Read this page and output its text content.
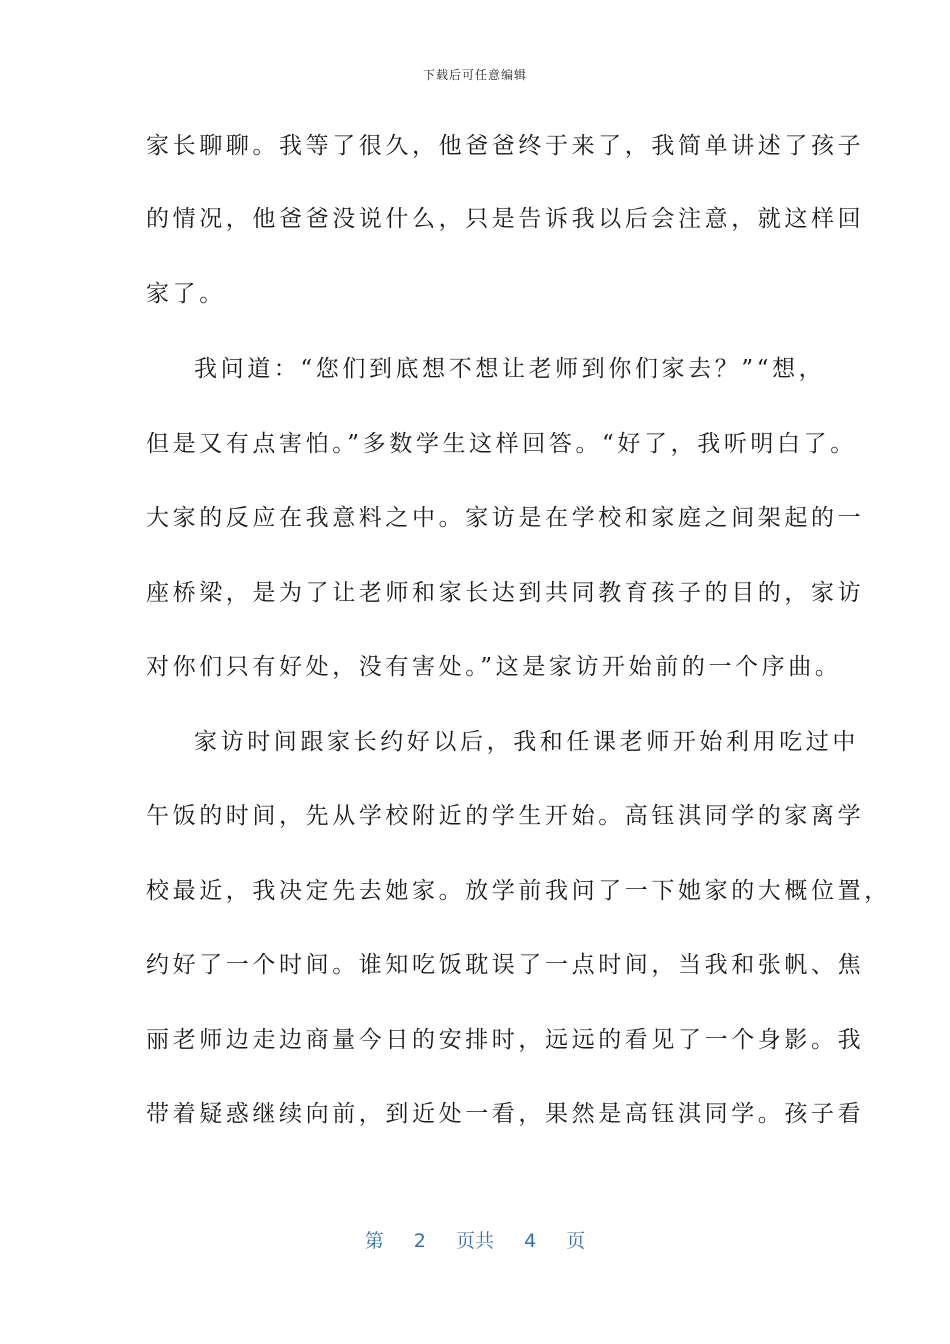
下载后可任意编辑
家长聊聊。我等了很久，他爸爸终于来了，我简单讲述了孩子
的情况，他爸爸没说什么，只是告诉我以后会注意，就这样回
家了。
我问道：“您们到底想不想让老师到你们家去？”“想，
但是又有点害怕。”多数学生这样回答。“好了，我听明白了。
大家的反应在我意料之中。家访是在学校和家庭之间架起的一
座桥梁，是为了让老师和家长达到共同教育孩子的目的，家访
对你们只有好处，没有害处。”这是家访开始前的一个序曲。
家访时间跟家长约好以后，我和任课老师开始利用吃过中
午饭的时间，先从学校附近的学生开始。高钰淇同学的家离学
校最近，我决定先去她家。放学前我问了一下她家的大概位置，
约好了一个时间。谁知吃饭耽误了一点时间，当我和张帆、焦
丽老师边走边商量今日的安排时，远远的看见了一个身影。我
带着疑惑继续向前，到近处一看，果然是高钰淇同学。孩子看
第 2 页共 4 页
